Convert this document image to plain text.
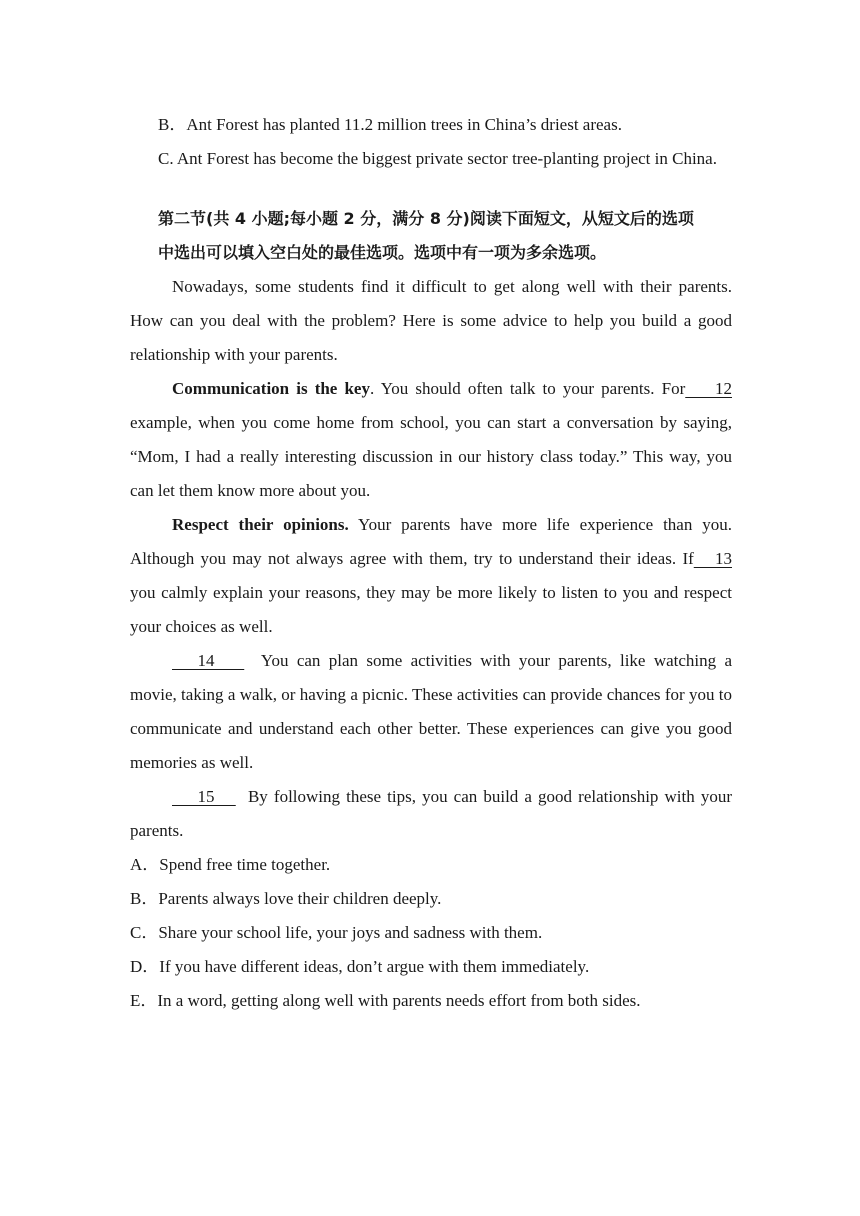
B．Ant Forest has planted 11.2 million trees in China’s driest areas.
C. Ant Forest has become the biggest private sector tree-planting project in China.
第二节(共 4 小题;每小题 2 分，满分 8 分)阅读下面短文，从短文后的选项
中选出可以填入空白处的最佳选项。选项中有一项为多余选项。
Nowadays, some students find it difficult to get along well with their parents. How can you deal with the problem? Here is some advice to help you build a good relationship with your parents.
Communication is the key. You should often talk to your parents.	12
For example, when you come home from school, you can start a conversation by saying, “Mom, I had a really interesting discussion in our history class today.” This way, you can let them know more about you.
Respect their opinions. Your parents have more life experience than you. Although you may not always agree with them, try to understand their ideas.	13
If you calmly explain your reasons, they may be more likely to listen to you and respect your choices as well.
14	You can plan some activities with your parents, like watching a movie, taking a walk, or having a picnic. These activities can provide chances for you to communicate and understand each other better. These experiences can give you good memories as well.
15 By following these tips, you can build a good relationship with your parents.
A．Spend free time together.
B．Parents always love their children deeply.
C．Share your school life, your joys and sadness with them.
D．If you have different ideas, don’t argue with them immediately.
E．In a word, getting along well with parents needs effort from both sides.
